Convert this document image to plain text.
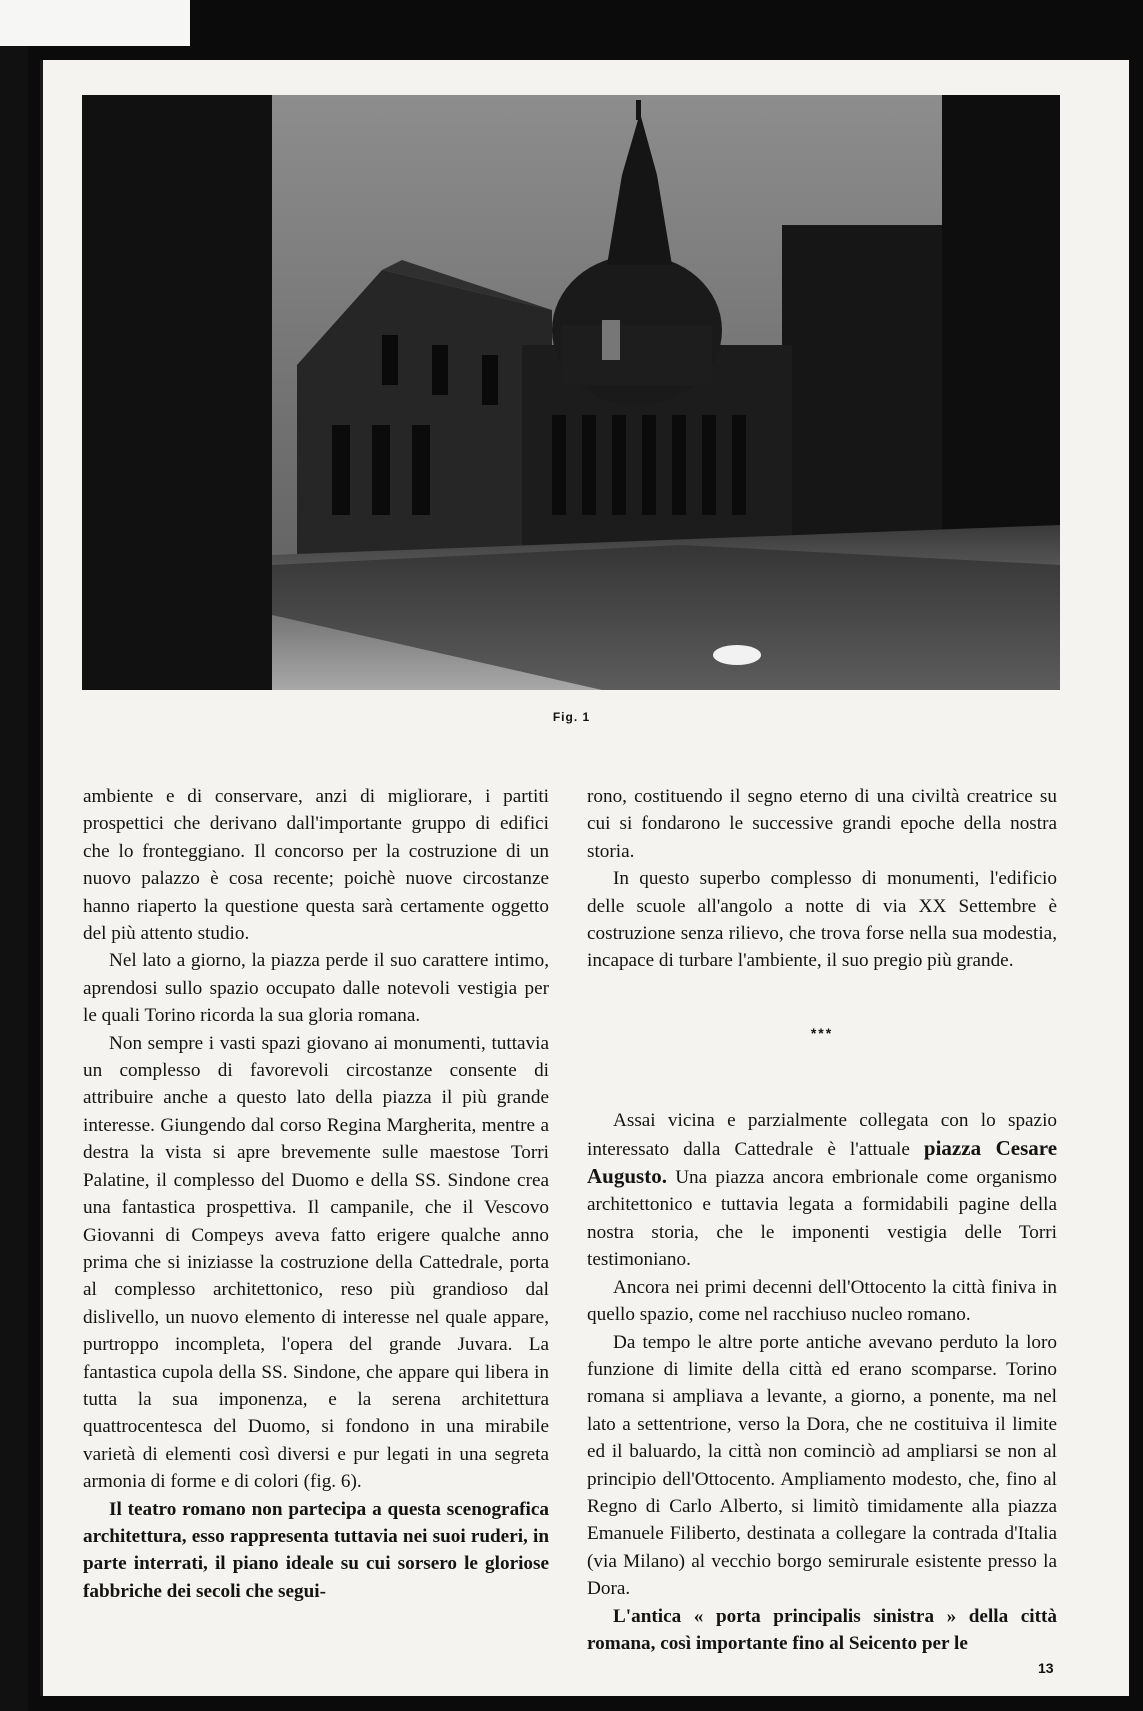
Fig. 1

ambiente e di conservare, anzi di migliorare, i partiti prospettici che derivano dall'importante gruppo di edifici che lo fronteggiano. Il concorso per la costruzione di un nuovo palazzo è cosa recente; poichè nuove circostanze hanno riaperto la questione questa sarà certamente oggetto del più attento studio.

Nel lato a giorno, la piazza perde il suo carattere intimo, aprendosi sullo spazio occupato dalle notevoli vestigia per le quali Torino ricorda la sua gloria romana.

Non sempre i vasti spazi giovano ai monumenti, tuttavia un complesso di favorevoli circostanze consente di attribuire anche a questo lato della piazza il più grande interesse. Giungendo dal corso Regina Margherita, mentre a destra la vista si apre brevemente sulle maestose Torri Palatine, il complesso del Duomo e della SS. Sindone crea una fantastica prospettiva. Il campanile, che il Vescovo Giovanni di Compeys aveva fatto erigere qualche anno prima che si iniziasse la costruzione della Cattedrale, porta al complesso architettonico, reso più grandioso dal dislivello, un nuovo elemento di interesse nel quale appare, purtroppo incompleta, l'opera del grande Juvara. La fantastica cupola della SS. Sindone, che appare qui libera in tutta la sua imponenza, e la serena architettura quattrocentesca del Duomo, si fondono in una mirabile varietà di elementi così diversi e pur legati in una segreta armonia di forme e di colori (fig. 6).

Il teatro romano non partecipa a questa scenografica architettura, esso rappresenta tuttavia nei suoi ruderi, in parte interrati, il piano ideale su cui sorsero le gloriose fabbriche dei secoli che segui-

rono, costituendo il segno eterno di una civiltà creatrice su cui si fondarono le successive grandi epoche della nostra storia.

In questo superbo complesso di monumenti, l'edificio delle scuole all'angolo a notte di via XX Settembre è costruzione senza rilievo, che trova forse nella sua modestia, incapace di turbare l'ambiente, il suo pregio più grande.

***

Assai vicina e parzialmente collegata con lo spazio interessato dalla Cattedrale è l'attuale piazza Cesare Augusto. Una piazza ancora embrionale come organismo architettonico e tuttavia legata a formidabili pagine della nostra storia, che le imponenti vestigia delle Torri testimoniano.

Ancora nei primi decenni dell'Ottocento la città finiva in quello spazio, come nel racchiuso nucleo romano.

Da tempo le altre porte antiche avevano perduto la loro funzione di limite della città ed erano scomparse. Torino romana si ampliava a levante, a giorno, a ponente, ma nel lato a settentrione, verso la Dora, che ne costituiva il limite ed il baluardo, la città non cominciò ad ampliarsi se non al principio dell'Ottocento. Ampliamento modesto, che, fino al Regno di Carlo Alberto, si limitò timidamente alla piazza Emanuele Filiberto, destinata a collegare la contrada d'Italia (via Milano) al vecchio borgo semirurale esistente presso la Dora.

L'antica « porta principalis sinistra » della città romana, così importante fino al Seicento per le

13
